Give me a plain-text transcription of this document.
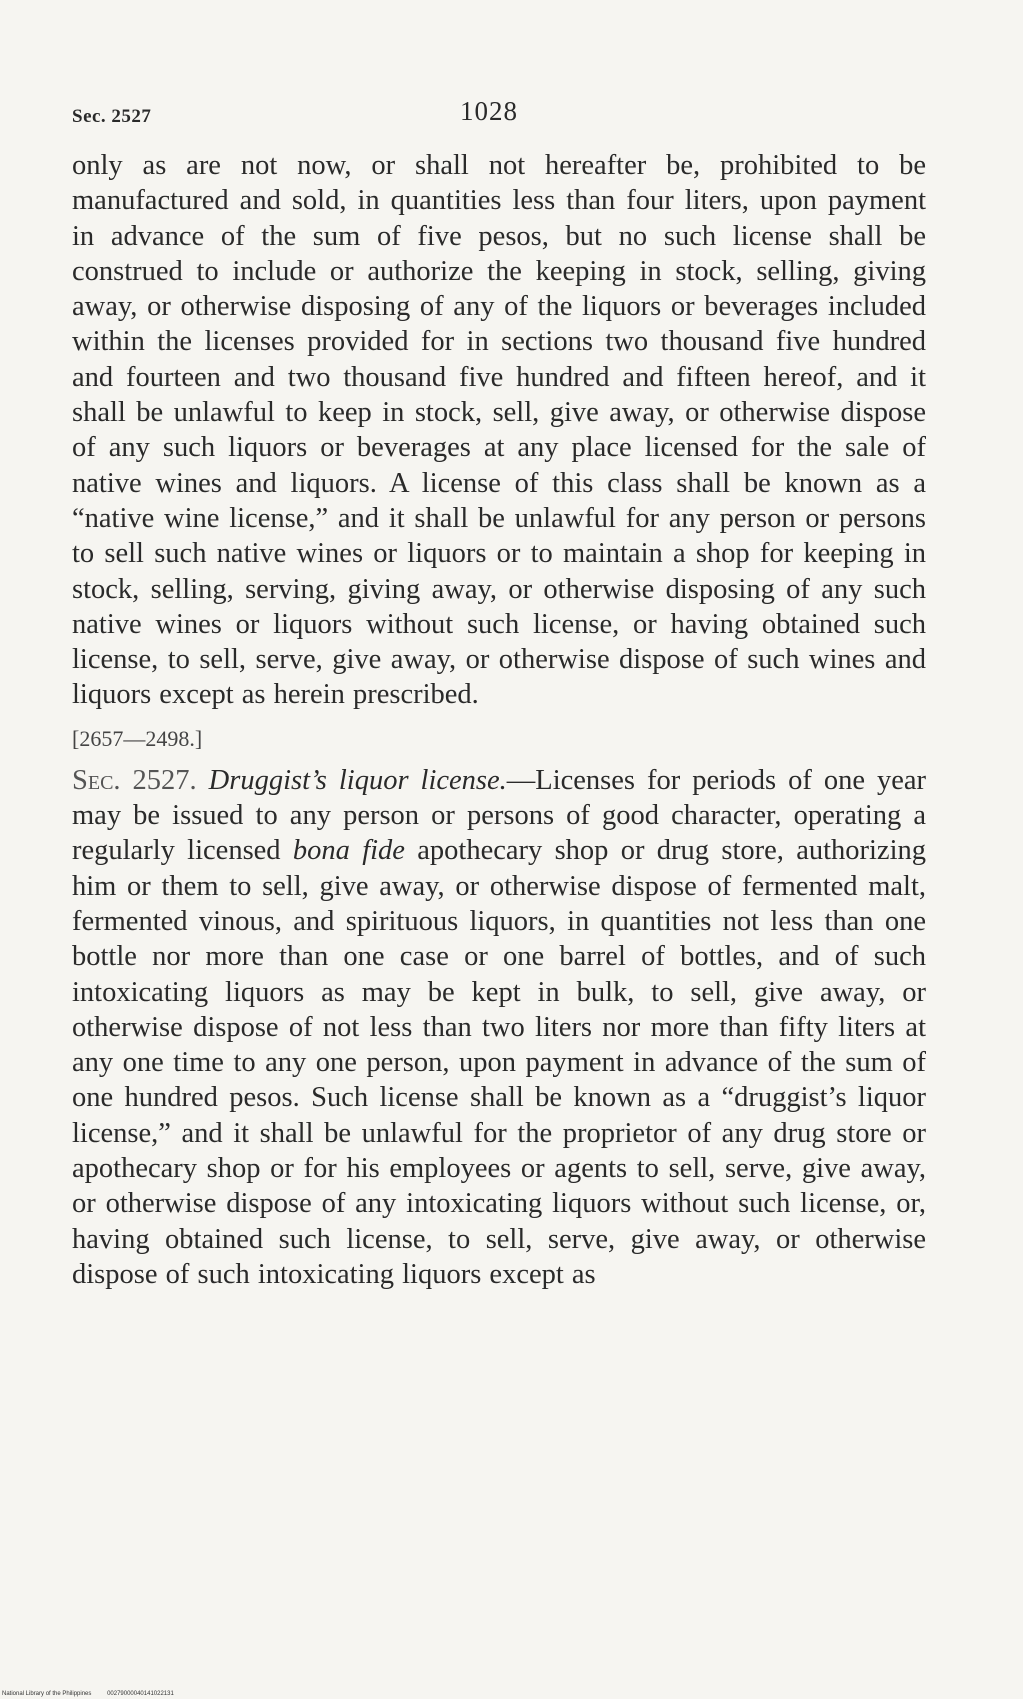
Sec. 2527	1028

only as are not now, or shall not hereafter be, prohibited to be manufactured and sold, in quantities less than four liters, upon payment in advance of the sum of five pesos, but no such license shall be construed to include or authorize the keeping in stock, selling, giving away, or otherwise disposing of any of the liquors or beverages included within the licenses provided for in sections two thousand five hundred and fourteen and two thousand five hundred and fifteen hereof, and it shall be unlawful to keep in stock, sell, give away, or otherwise dispose of any such liquors or beverages at any place licensed for the sale of native wines and liquors. A license of this class shall be known as a “native wine license,” and it shall be unlawful for any person or persons to sell such native wines or liquors or to maintain a shop for keeping in stock, selling, serving, giving away, or otherwise disposing of any such native wines or liquors without such license, or having obtained such license, to sell, serve, give away, or otherwise dispose of such wines and liquors except as herein prescribed.

[2657—2498.]

Sec. 2527. Druggist’s liquor license.—Licenses for periods of one year may be issued to any person or persons of good character, operating a regularly licensed bona fide apothecary shop or drug store, authorizing him or them to sell, give away, or otherwise dispose of fermented malt, fermented vinous, and spirituous liquors, in quantities not less than one bottle nor more than one case or one barrel of bottles, and of such intoxicating liquors as may be kept in bulk, to sell, give away, or otherwise dispose of not less than two liters nor more than fifty liters at any one time to any one person, upon payment in advance of the sum of one hundred pesos. Such license shall be known as a “druggist’s liquor license,” and it shall be unlawful for the proprietor of any drug store or apothecary shop or for his employees or agents to sell, serve, give away, or otherwise dispose of any intoxicating liquors without such license, or, having obtained such license, to sell, serve, give away, or otherwise dispose of such intoxicating liquors except as

National Library of the Philippines	00279000040141022131
